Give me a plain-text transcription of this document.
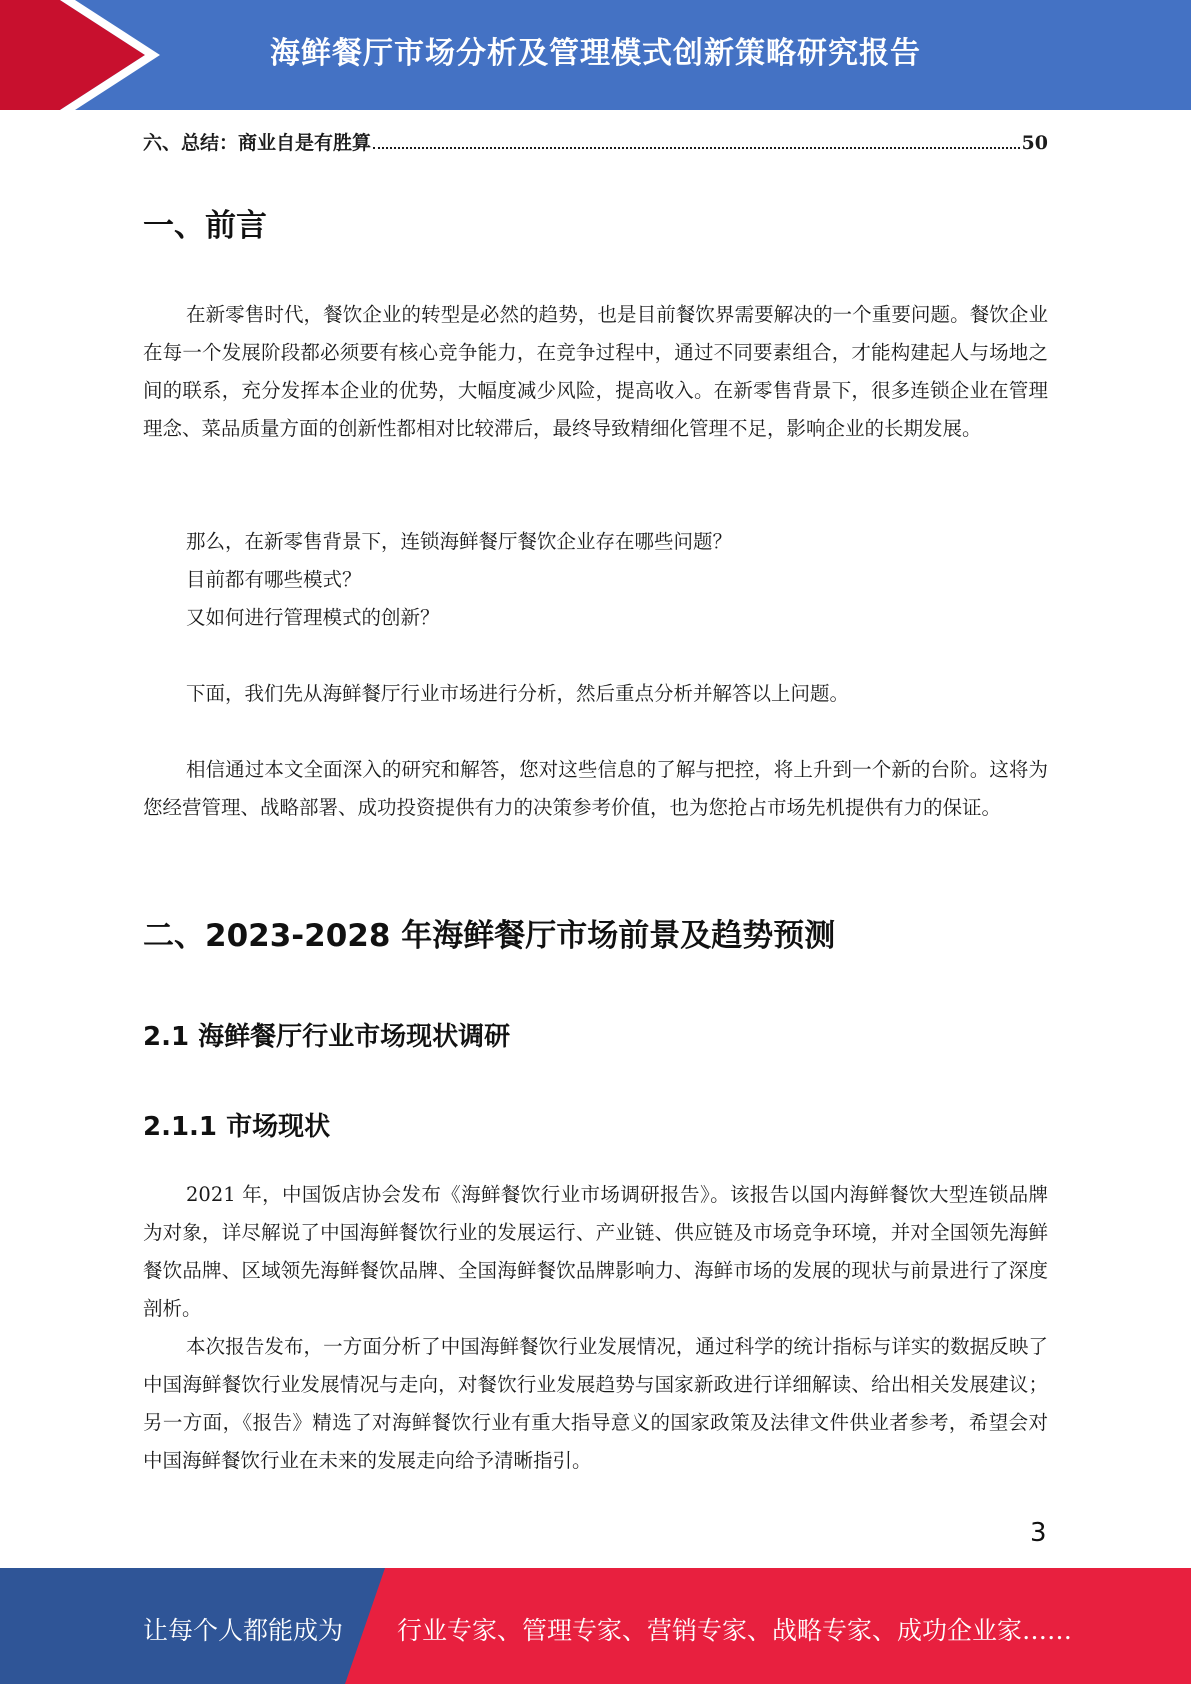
海鲜餐厅市场分析及管理模式创新策略研究报告
六、总结：商业自是有胜算	50
一、前言

在新零售时代，餐饮企业的转型是必然的趋势，也是目前餐饮界需要解决的一个重要问题。餐饮企业在每一个发展阶段都必须要有核心竞争能力，在竞争过程中，通过不同要素组合，才能构建起人与场地之间的联系，充分发挥本企业的优势，大幅度减少风险，提高收入。在新零售背景下，很多连锁企业在管理理念、菜品质量方面的创新性都相对比较滞后，最终导致精细化管理不足，影响企业的长期发展。

那么，在新零售背景下，连锁海鲜餐厅餐饮企业存在哪些问题？

目前都有哪些模式？

又如何进行管理模式的创新？

下面，我们先从海鲜餐厅行业市场进行分析，然后重点分析并解答以上问题。

相信通过本文全面深入的研究和解答，您对这些信息的了解与把控，将上升到一个新的台阶。这将为您经营管理、战略部署、成功投资提供有力的决策参考价值，也为您抢占市场先机提供有力的保证。

二、2023-2028 年海鲜餐厅市场前景及趋势预测
2.1 海鲜餐厅行业市场现状调研
2.1.1 市场现状

2021 年，中国饭店协会发布《海鲜餐饮行业市场调研报告》。该报告以国内海鲜餐饮大型连锁品牌为对象，详尽解说了中国海鲜餐饮行业的发展运行、产业链、供应链及市场竞争环境，并对全国领先海鲜餐饮品牌、区域领先海鲜餐饮品牌、全国海鲜餐饮品牌影响力、海鲜市场的发展的现状与前景进行了深度剖析。

本次报告发布，一方面分析了中国海鲜餐饮行业发展情况，通过科学的统计指标与详实的数据反映了中国海鲜餐饮行业发展情况与走向，对餐饮行业发展趋势与国家新政进行详细解读、给出相关发展建议；另一方面，《报告》精选了对海鲜餐饮行业有重大指导意义的国家政策及法律文件供业者参考，希望会对中国海鲜餐饮行业在未来的发展走向给予清晰指引。

3
让每个人都能成为 行业专家、管理专家、营销专家、战略专家、成功企业家……
